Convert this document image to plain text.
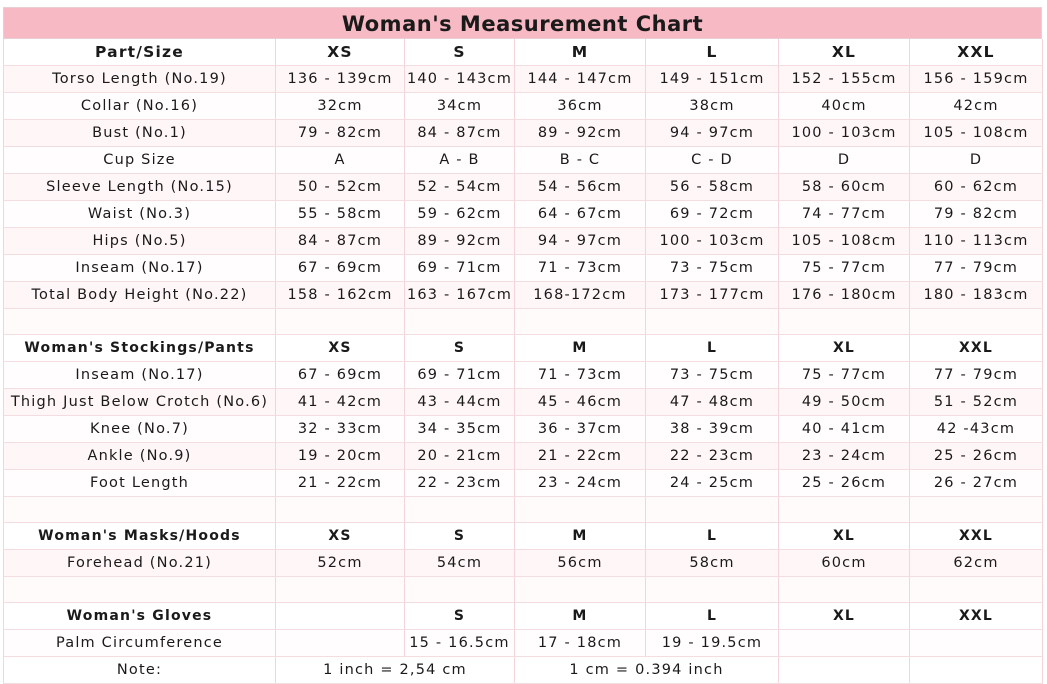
Woman's Measurement Chart
Part/Size	XS	S	M	L	XL	XXL
Torso Length (No.19)	136 - 139cm	140 - 143cm	144 - 147cm	149 - 151cm	152 - 155cm	156 - 159cm
Collar (No.16)	32cm	34cm	36cm	38cm	40cm	42cm
Bust (No.1)	79 - 82cm	84 - 87cm	89 - 92cm	94 - 97cm	100 - 103cm	105 - 108cm
Cup Size	A	A - B	B - C	C - D	D	D
Sleeve Length (No.15)	50 - 52cm	52 - 54cm	54 - 56cm	56 - 58cm	58 - 60cm	60 - 62cm
Waist (No.3)	55 - 58cm	59 - 62cm	64 - 67cm	69 - 72cm	74 - 77cm	79 - 82cm
Hips (No.5)	84 - 87cm	89 - 92cm	94 - 97cm	100 - 103cm	105 - 108cm	110 - 113cm
Inseam (No.17)	67 - 69cm	69 - 71cm	71 - 73cm	73 - 75cm	75 - 77cm	77 - 79cm
Total Body Height (No.22)	158 - 162cm	163 - 167cm	168-172cm	173 - 177cm	176 - 180cm	180 - 183cm

Woman's Stockings/Pants	XS	S	M	L	XL	XXL
Inseam (No.17)	67 - 69cm	69 - 71cm	71 - 73cm	73 - 75cm	75 - 77cm	77 - 79cm
Thigh Just Below Crotch (No.6)	41 - 42cm	43 - 44cm	45 - 46cm	47 - 48cm	49 - 50cm	51 - 52cm
Knee (No.7)	32 - 33cm	34 - 35cm	36 - 37cm	38 - 39cm	40 - 41cm	42 -43cm
Ankle (No.9)	19 - 20cm	20 - 21cm	21 - 22cm	22 - 23cm	23 - 24cm	25 - 26cm
Foot Length	21 - 22cm	22 - 23cm	23 - 24cm	24 - 25cm	25 - 26cm	26 - 27cm

Woman's Masks/Hoods	XS	S	M	L	XL	XXL
Forehead (No.21)	52cm	54cm	56cm	58cm	60cm	62cm

Woman's Gloves		S	M	L	XL	XXL
Palm Circumference		15 - 16.5cm	17 - 18cm	19 - 19.5cm		
Note:	1 inch = 2,54 cm		1 cm = 0.394 inch			
